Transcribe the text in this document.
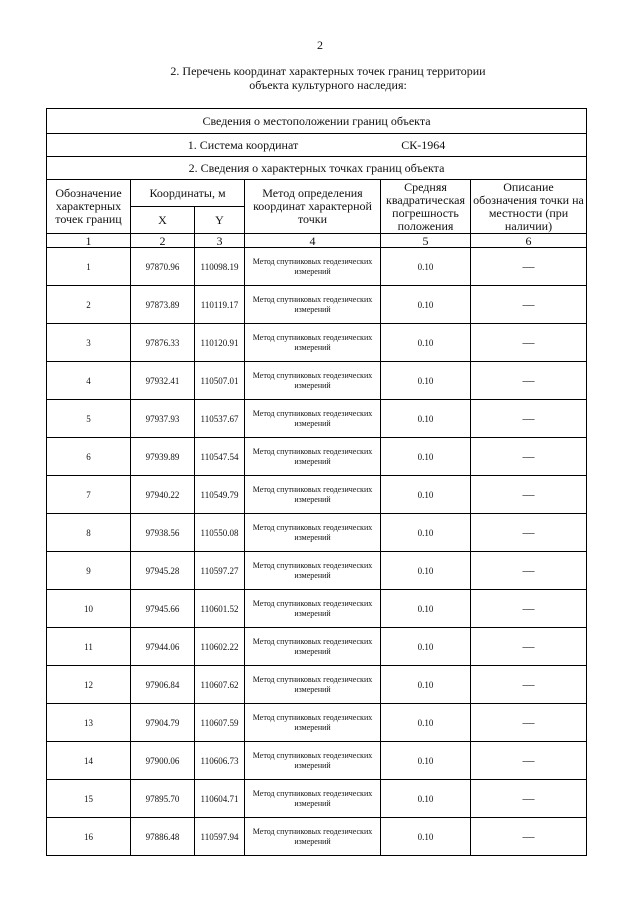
2
2. Перечень координат характерных точек границ территории
объекта культурного наследия:
Сведения о местоположении границ объекта					
1. Система координат СК-1964					
2. Сведения о характерных точках границ объекта					
Обозначение характерных точек границ	Координаты, м		Метод определения координат характерной точки	Средняя квадратическая погрешность положения	Описание обозначения точки на местности (при наличии)
	X	Y			
1	2	3	4	5	6
1	97870.96	110098.19	Метод спутниковых геодезических измерений	0.10	—
2	97873.89	110119.17	Метод спутниковых геодезических измерений	0.10	—
3	97876.33	110120.91	Метод спутниковых геодезических измерений	0.10	—
4	97932.41	110507.01	Метод спутниковых геодезических измерений	0.10	—
5	97937.93	110537.67	Метод спутниковых геодезических измерений	0.10	—
6	97939.89	110547.54	Метод спутниковых геодезических измерений	0.10	—
7	97940.22	110549.79	Метод спутниковых геодезических измерений	0.10	—
8	97938.56	110550.08	Метод спутниковых геодезических измерений	0.10	—
9	97945.28	110597.27	Метод спутниковых геодезических измерений	0.10	—
10	97945.66	110601.52	Метод спутниковых геодезических измерений	0.10	—
11	97944.06	110602.22	Метод спутниковых геодезических измерений	0.10	—
12	97906.84	110607.62	Метод спутниковых геодезических измерений	0.10	—
13	97904.79	110607.59	Метод спутниковых геодезических измерений	0.10	—
14	97900.06	110606.73	Метод спутниковых геодезических измерений	0.10	—
15	97895.70	110604.71	Метод спутниковых геодезических измерений	0.10	—
16	97886.48	110597.94	Метод спутниковых геодезических измерений	0.10	—
